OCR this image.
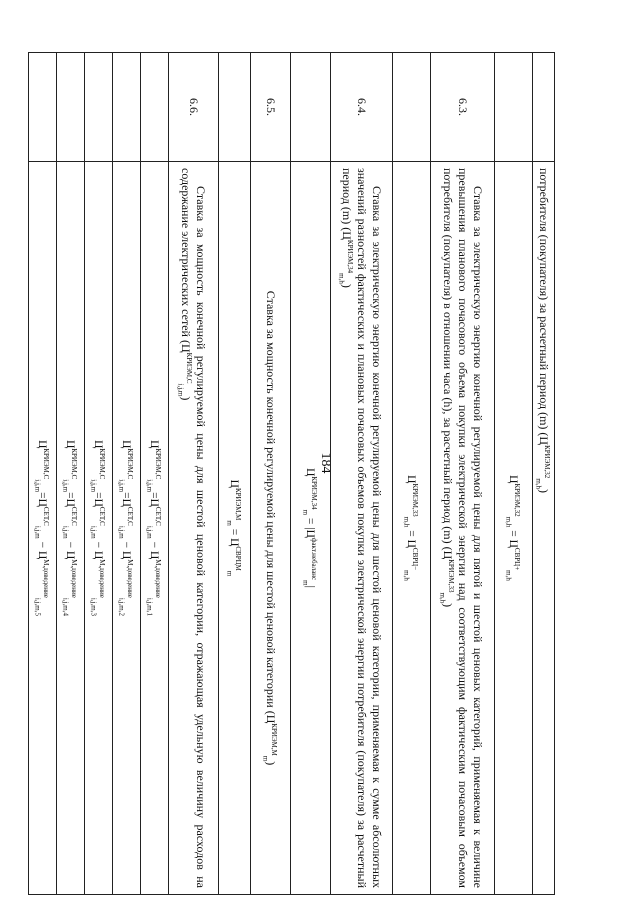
184
	потребителя (покупателя) за расчетный период (m) $(Ц^{КРИЭМ,32}_{m,h})$
	$Ц^{КРИЭМ,32}_{m,h} = Ц^{СВРЦ+}_{m,h}$
6.3.	Ставка за электрическую энергию конечной регулируемой цены для пятой и шестой ценовых категорий, применяемая к величине превышения планового почасового объема покупки электрической энергии над соответствующим фактическим почасовым объемом потребителя (покупателя) в отношении часа (h), за расчетный период (m) $(Ц^{КРИЭМ,33}_{m,h})$
	$Ц^{КРИЭМ,33}_{m,h} = Ц^{СВРЦ-}_{m,h}$
6.4.	Ставка за электрическую энергию конечной регулируемой цены для шестой ценовой категории, применяемая к сумме абсолютных значений разностей фактических и плановых почасовых объемов покупки электрической энергии потребителя (покупателя) за расчетный период (m) $(Ц^{КРИЭМ,34}_{m,h})$
	$Ц^{КРИЭМ,34}_m = |Ц^{факт.небаланс}_m|$
6.5.	Ставка за мощность конечной регулируемой цены для шестой ценовой категории $(Ц^{КРИЭМ,М}_m)$
	$Ц^{КРИЭМ,М}_m = Ц^{СВРЦМ}_m$
6.6.	Ставка за мощность конечной регулируемой цены для шестой ценовой категории, отражающая удельную величину расходов на содержание электрических сетей $(Ц^{КРИЭМ,С}_{i,j,m})$
	$Ц^{КРИЭМ,С}_{i,j,m}=Ц^{СЕТ,С}_{i,j,m} - Ц^{М,доведение}_{i,j,m,1}$
	$Ц^{КРИЭМ,С}_{i,j,m}=Ц^{СЕТ,С}_{i,j,m} - Ц^{М,доведение}_{i,j,m,2}$
	$Ц^{КРИЭМ,С}_{i,j,m}=Ц^{СЕТ,С}_{i,j,m} - Ц^{М,доведение}_{i,j,m,3}$
	$Ц^{КРИЭМ,С}_{i,j,m}=Ц^{СЕТ,С}_{i,j,m} - Ц^{М,доведение}_{i,j,m,4}$
	$Ц^{КРИЭМ,С}_{i,j,m}=Ц^{СЕТ,С}_{i,j,m} - Ц^{М,доведение}_{i,j,m,5}$
